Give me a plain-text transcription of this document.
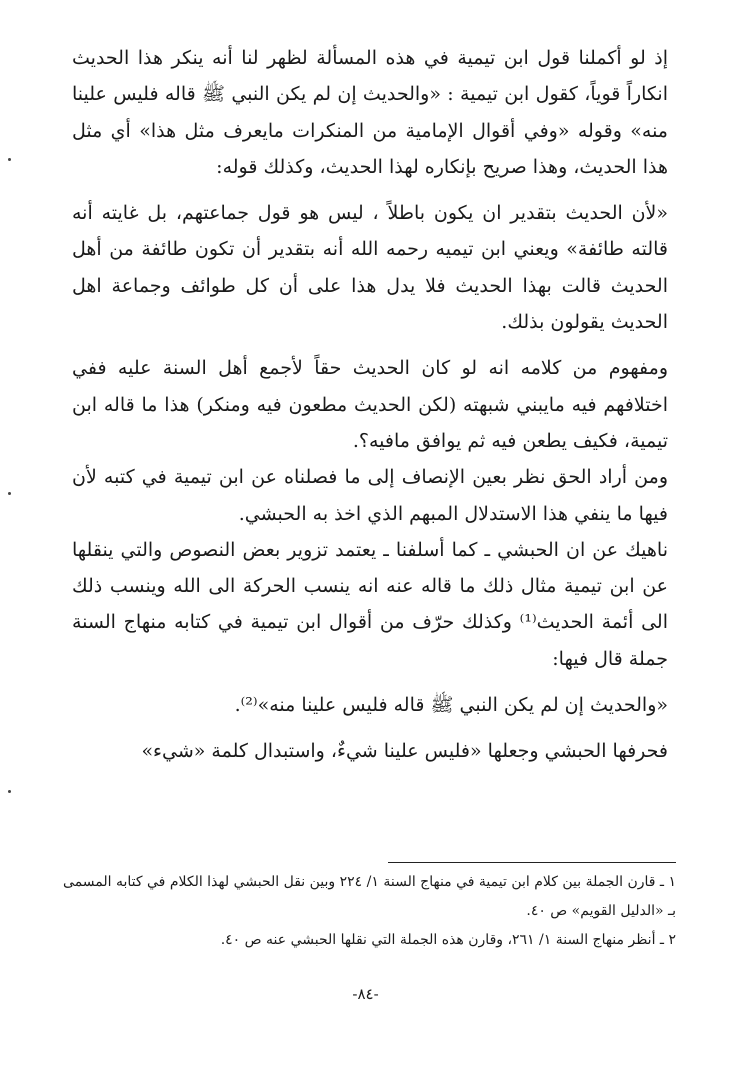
إذ لو أكملنا قول ابن تيمية في هذه المسألة لظهر لنا أنه ينكر هذا الحديث انكاراً قوياً، كقول ابن تيمية : «والحديث إن لم يكن النبي ﷺ قاله فليس علينا منه» وقوله «وفي أقوال الإمامية من المنكرات مايعرف مثل هذا» أي مثل هذا الحديث، وهذا صريح بإنكاره لهذا الحديث، وكذلك قوله:

«لأن الحديث بتقدير ان يكون باطلاً ، ليس هو قول جماعتهم، بل غايته أنه قالته طائفة» ويعني ابن تيميه رحمه الله أنه بتقدير أن تكون طائفة من أهل الحديث قالت بهذا الحديث فلا يدل هذا على أن كل طوائف وجماعة اهل الحديث يقولون بذلك.

ومفهوم من كلامه انه لو كان الحديث حقاً لأجمع أهل السنة عليه ففي اختلافهم فيه مايبني شبهته (لكن الحديث مطعون فيه ومنكر) هذا ما قاله ابن تيمية، فكيف يطعن فيه ثم يوافق مافيه؟.

ومن أراد الحق نظر بعين الإنصاف إلى ما فصلناه عن ابن تيمية في كتبه لأن فيها ما ينفي هذا الاستدلال المبهم الذي اخذ به الحبشي.

ناهيك عن ان الحبشي ـ كما أسلفنا ـ يعتمد تزوير بعض النصوص والتي ينقلها عن ابن تيمية مثال ذلك ما قاله عنه انه ينسب الحركة الى الله وينسب ذلك الى أئمة الحديث⁽¹⁾ وكذلك حرّف من أقوال ابن تيمية في كتابه منهاج السنة جملة قال فيها:

«والحديث إن لم يكن النبي ﷺ قاله فليس علينا منه»⁽²⁾.

فحرفها الحبشي وجعلها «فليس علينا شيءٌ، واستبدال كلمة «شيء»

١ ـ قارن الجملة بين كلام ابن تيمية في منهاج السنة ١/ ٢٢٤ وبين نقل الحبشي لهذا الكلام في كتابه المسمى بـ «الدليل القويم» ص ٤٠.

٢ ـ أنظر منهاج السنة ١/ ٢٦١، وقارن هذه الجملة التي نقلها الحبشي عنه ص ٤٠.

-٨٤-
